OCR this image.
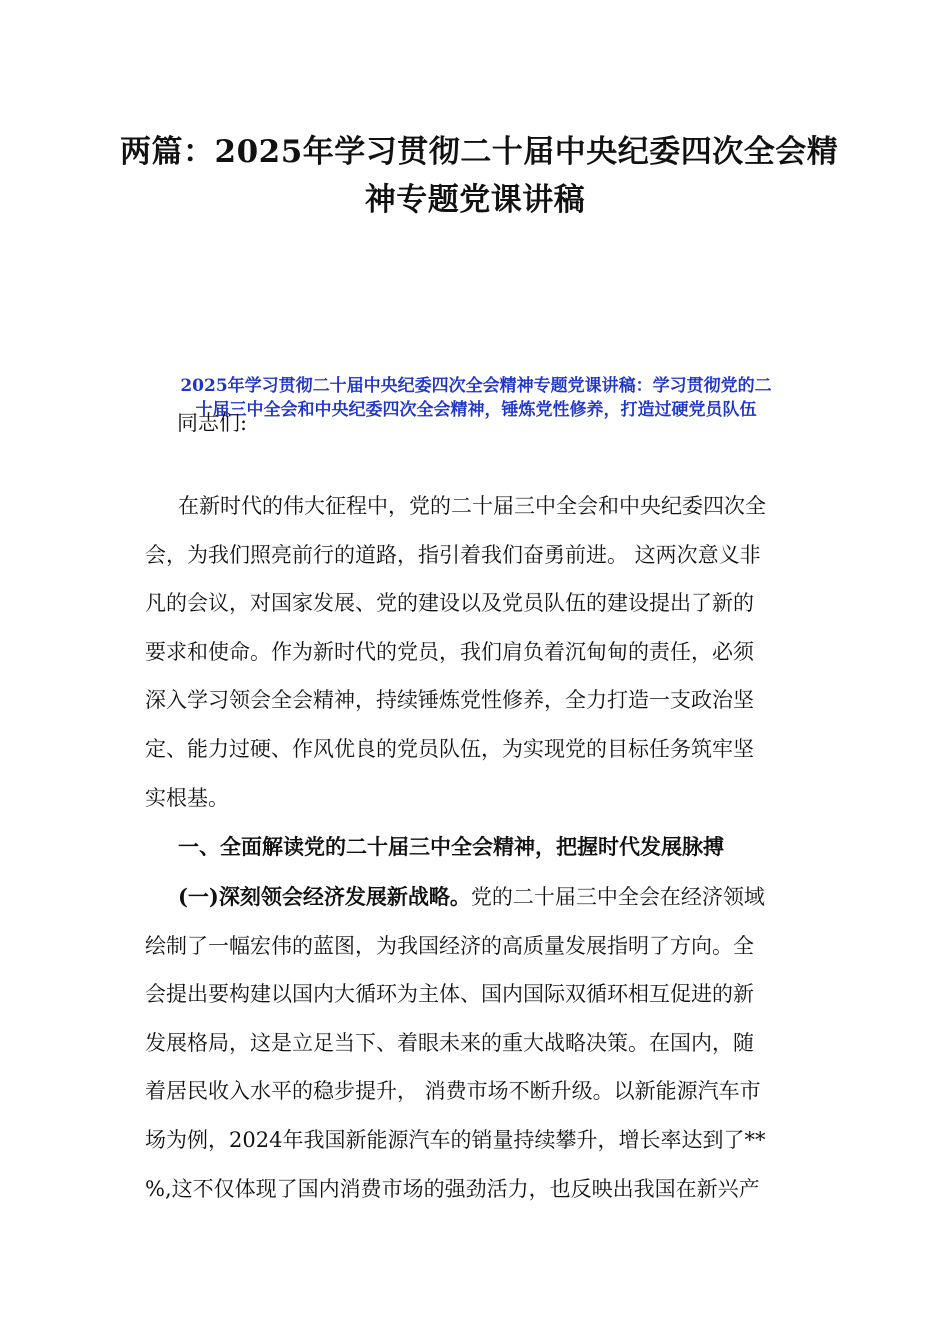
两篇：2025年学习贯彻二十届中央纪委四次全会精
神专题党课讲稿
2025年学习贯彻二十届中央纪委四次全会精神专题党课讲稿：学习贯彻党的二
十届三中全会和中央纪委四次全会精神，锤炼党性修养，打造过硬党员队伍
同志们:
在新时代的伟大征程中，党的二十届三中全会和中央纪委四次全
会，为我们照亮前行的道路，指引着我们奋勇前进。 这两次意义非
凡的会议，对国家发展、党的建设以及党员队伍的建设提出了新的
要求和使命。作为新时代的党员，我们肩负着沉甸甸的责任，必须
深入学习领会全会精神，持续锤炼党性修养，全力打造一支政治坚
定、能力过硬、作风优良的党员队伍，为实现党的目标任务筑牢坚
实根基。
一、全面解读党的二十届三中全会精神，把握时代发展脉搏
(一)深刻领会经济发展新战略。党的二十届三中全会在经济领域
绘制了一幅宏伟的蓝图，为我国经济的高质量发展指明了方向。全
会提出要构建以国内大循环为主体、国内国际双循环相互促进的新
发展格局，这是立足当下、着眼未来的重大战略决策。在国内，随
着居民收入水平的稳步提升， 消费市场不断升级。以新能源汽车市
场为例，2024年我国新能源汽车的销量持续攀升，增长率达到了**
%,这不仅体现了国内消费市场的强劲活力，也反映出我国在新兴产
